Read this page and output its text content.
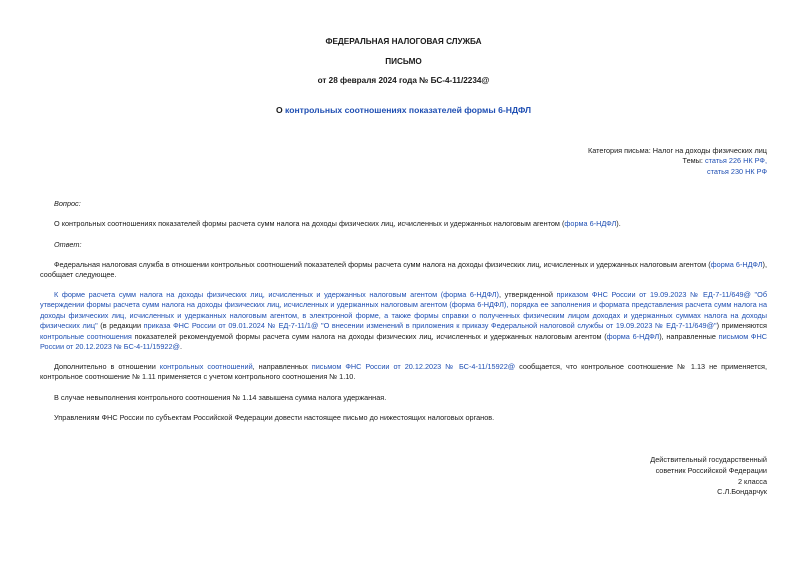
ФЕДЕРАЛЬНАЯ НАЛОГОВАЯ СЛУЖБА
ПИСЬМО
от 28 февраля 2024 года № БС-4-11/2234@
О контрольных соотношениях показателей формы 6-НДФЛ
Категория письма: Налог на доходы физических лиц
Темы: статья 226 НК РФ,
статья 230 НК РФ
Вопрос:
О контрольных соотношениях показателей формы расчета сумм налога на доходы физических лиц, исчисленных и удержанных налоговым агентом (форма 6-НДФЛ).
Ответ:
Федеральная налоговая служба в отношении контрольных соотношений показателей формы расчета сумм налога на доходы физических лиц, исчисленных и удержанных налоговым агентом (форма 6-НДФЛ), сообщает следующее.
К форме расчета сумм налога на доходы физических лиц, исчисленных и удержанных налоговым агентом (форма 6-НДФЛ), утвержденной приказом ФНС России от 19.09.2023 № ЕД-7-11/649@ "Об утверждении формы расчета сумм налога на доходы физических лиц, исчисленных и удержанных налоговым агентом (форма 6-НДФЛ), порядка ее заполнения и формата представления расчета сумм налога на доходы физических лиц, исчисленных и удержанных налоговым агентом, в электронной форме, а также формы справки о полученных физическим лицом доходах и удержанных суммах налога на доходы физических лиц" (в редакции приказа ФНС России от 09.01.2024 № ЕД-7-11/1@ "О внесении изменений в приложения к приказу Федеральной налоговой службы от 19.09.2023 № ЕД-7-11/649@") применяются контрольные соотношения показателей рекомендуемой формы расчета сумм налога на доходы физических лиц, исчисленных и удержанных налоговым агентом (форма 6-НДФЛ), направленные письмом ФНС России от 20.12.2023 № БС-4-11/15922@.
Дополнительно в отношении контрольных соотношений, направленных письмом ФНС России от 20.12.2023 № БС-4-11/15922@ сообщается, что контрольное соотношение № 1.13 не применяется, контрольное соотношение № 1.11 применяется с учетом контрольного соотношения № 1.10.
В случае невыполнения контрольного соотношения № 1.14 завышена сумма налога удержанная.
Управлениям ФНС России по субъектам Российской Федерации довести настоящее письмо до нижестоящих налоговых органов.
Действительный государственный
советник Российской Федерации
2 класса
С.Л.Бондарчук
